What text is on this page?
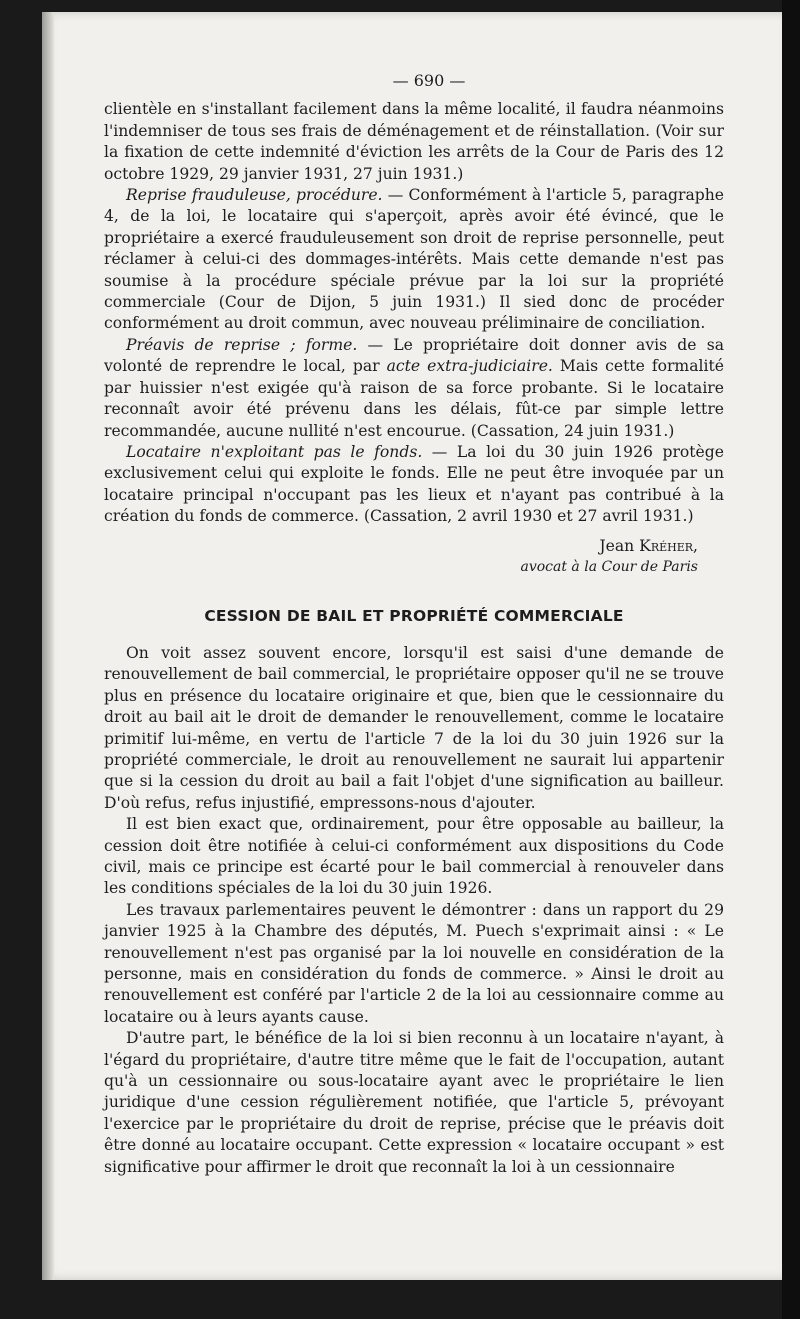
— 690 —

clientèle en s'installant facilement dans la même localité, il faudra néanmoins l'indemniser de tous ses frais de déménagement et de réinstallation. (Voir sur la fixation de cette indemnité d'éviction les arrêts de la Cour de Paris des 12 octobre 1929, 29 janvier 1931, 27 juin 1931.)

Reprise frauduleuse, procédure. — Conformément à l'article 5, paragraphe 4, de la loi, le locataire qui s'aperçoit, après avoir été évincé, que le propriétaire a exercé frauduleusement son droit de reprise personnelle, peut réclamer à celui-ci des dommages-intérêts. Mais cette demande n'est pas soumise à la procédure spéciale prévue par la loi sur la propriété commerciale (Cour de Dijon, 5 juin 1931.) Il sied donc de procéder conformément au droit commun, avec nouveau préliminaire de conciliation.

Préavis de reprise ; forme. — Le propriétaire doit donner avis de sa volonté de reprendre le local, par acte extra-judiciaire. Mais cette formalité par huissier n'est exigée qu'à raison de sa force probante. Si le locataire reconnaît avoir été prévenu dans les délais, fût-ce par simple lettre recommandée, aucune nullité n'est encourue. (Cassation, 24 juin 1931.)

Locataire n'exploitant pas le fonds. — La loi du 30 juin 1926 protège exclusivement celui qui exploite le fonds. Elle ne peut être invoquée par un locataire principal n'occupant pas les lieux et n'ayant pas contribué à la création du fonds de commerce. (Cassation, 2 avril 1930 et 27 avril 1931.)

Jean Kréher,
avocat à la Cour de Paris
CESSION DE BAIL ET PROPRIÉTÉ COMMERCIALE

On voit assez souvent encore, lorsqu'il est saisi d'une demande de renouvellement de bail commercial, le propriétaire opposer qu'il ne se trouve plus en présence du locataire originaire et que, bien que le cessionnaire du droit au bail ait le droit de demander le renouvellement, comme le locataire primitif lui-même, en vertu de l'article 7 de la loi du 30 juin 1926 sur la propriété commerciale, le droit au renouvellement ne saurait lui appartenir que si la cession du droit au bail a fait l'objet d'une signification au bailleur. D'où refus, refus injustifié, empressons-nous d'ajouter.

Il est bien exact que, ordinairement, pour être opposable au bailleur, la cession doit être notifiée à celui-ci conformément aux dispositions du Code civil, mais ce principe est écarté pour le bail commercial à renouveler dans les conditions spéciales de la loi du 30 juin 1926.

Les travaux parlementaires peuvent le démontrer : dans un rapport du 29 janvier 1925 à la Chambre des députés, M. Puech s'exprimait ainsi : « Le renouvellement n'est pas organisé par la loi nouvelle en considération de la personne, mais en considération du fonds de commerce. » Ainsi le droit au renouvellement est conféré par l'article 2 de la loi au cessionnaire comme au locataire ou à leurs ayants cause.

D'autre part, le bénéfice de la loi si bien reconnu à un locataire n'ayant, à l'égard du propriétaire, d'autre titre même que le fait de l'occupation, autant qu'à un cessionnaire ou sous-locataire ayant avec le propriétaire le lien juridique d'une cession régulièrement notifiée, que l'article 5, prévoyant l'exercice par le propriétaire du droit de reprise, précise que le préavis doit être donné au locataire occupant. Cette expression « locataire occupant » est significative pour affirmer le droit que reconnaît la loi à un cessionnaire
